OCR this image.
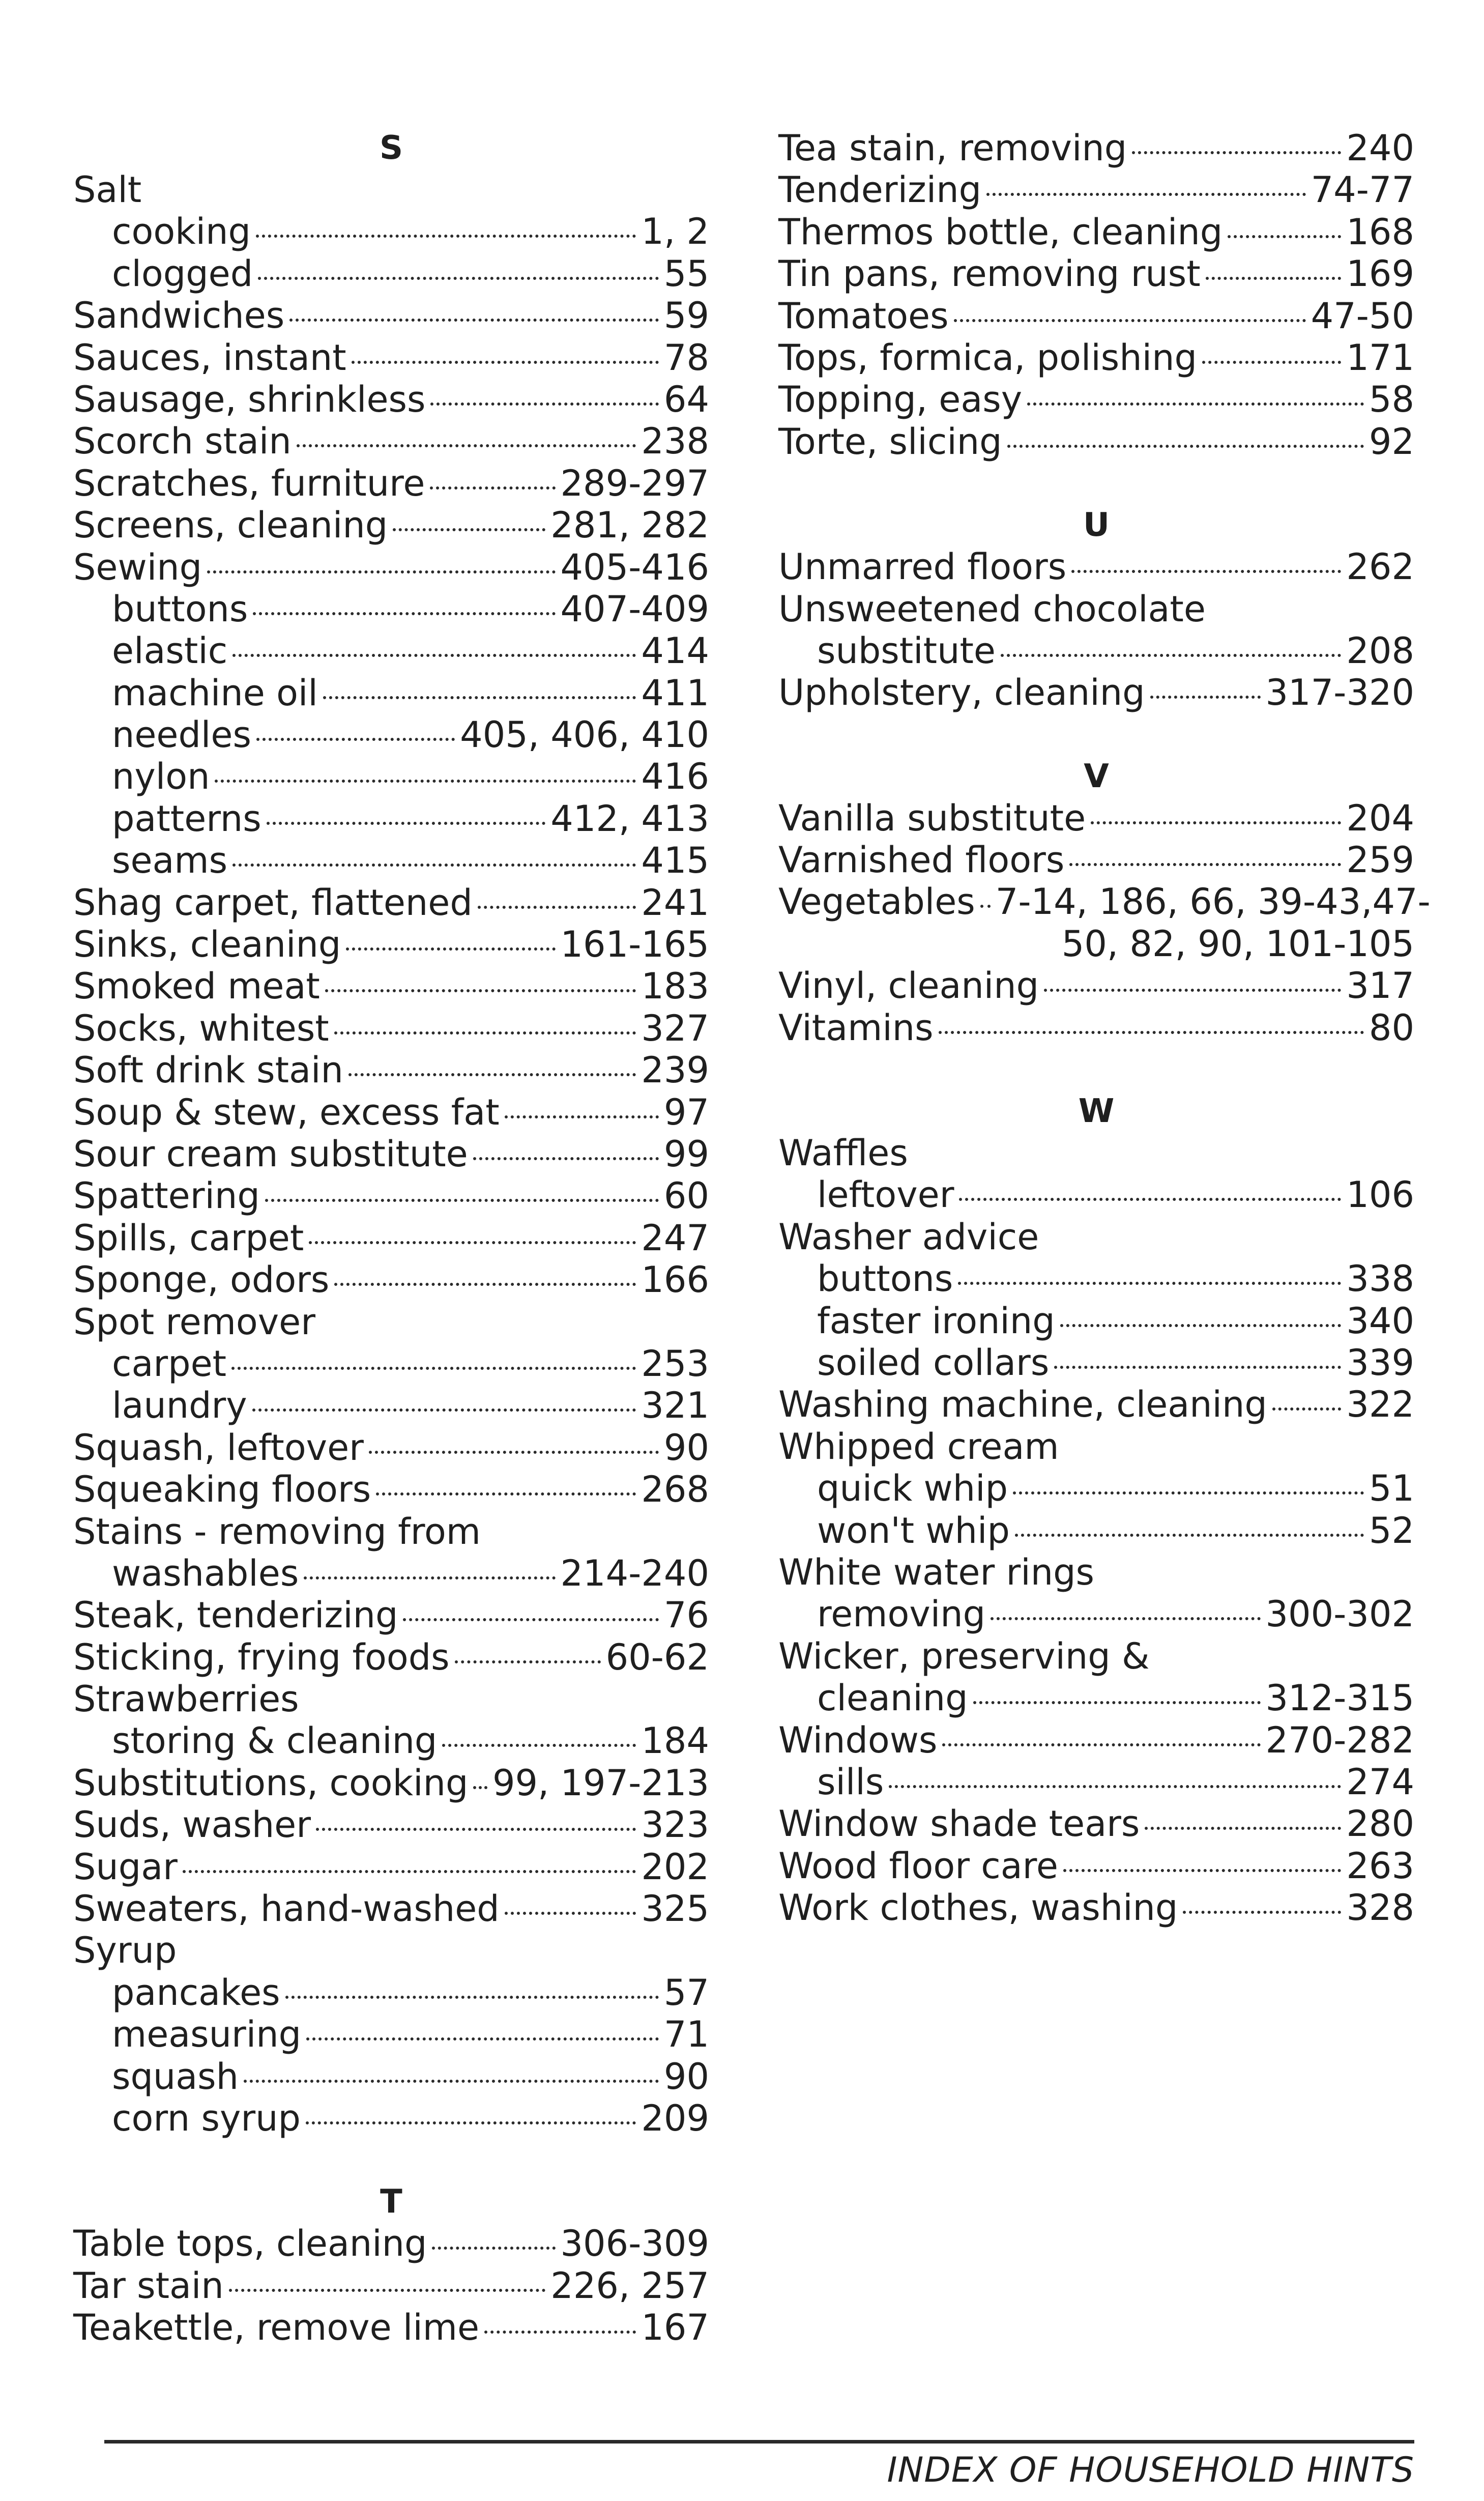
S
Salt
cooking	1, 2
clogged	55
Sandwiches	59
Sauces, instant	78
Sausage, shrinkless	64
Scorch stain	238
Scratches, furniture	289-297
Screens, cleaning	281, 282
Sewing	405-416
buttons	407-409
elastic	414
machine oil	411
needles	405, 406, 410
nylon	416
patterns	412, 413
seams	415
Shag carpet, flattened	241
Sinks, cleaning	161-165
Smoked meat	183
Socks, whitest	327
Soft drink stain	239
Soup & stew, excess fat	97
Sour cream substitute	99
Spattering	60
Spills, carpet	247
Sponge, odors	166
Spot remover
carpet	253
laundry	321
Squash, leftover	90
Squeaking floors	268
Stains - removing from
washables	214-240
Steak, tenderizing	76
Sticking, frying foods	60-62
Strawberries
storing & cleaning	184
Substitutions, cooking 99, 197-213
Suds, washer	323
Sugar	202
Sweaters, hand-washed	325
Syrup
pancakes	57
measuring	71
squash	90
corn syrup	209
T
Table tops, cleaning	306-309
Tar stain	226, 257
Teakettle, remove lime	167
Tea stain, removing	240
Tenderizing	74-77
Thermos bottle, cleaning	168
Tin pans, removing rust	169
Tomatoes	47-50
Tops, formica, polishing	171
Topping, easy	58
Torte, slicing	92
U
Unmarred floors	262
Unsweetened chocolate
substitute	208
Upholstery, cleaning	317-320
V
Vanilla substitute	204
Varnished floors	259
Vegetables 7-14, 186, 66, 39-43,47-
50, 82, 90, 101-105
Vinyl, cleaning	317
Vitamins	80
W
Waffles
leftover	106
Washer advice
buttons	338
faster ironing	340
soiled collars	339
Washing machine, cleaning 322
Whipped cream
quick whip	51
won't whip	52
White water rings
removing	300-302
Wicker, preserving &
cleaning	312-315
Windows	270-282
sills	274
Window shade tears	280
Wood floor care	263
Work clothes, washing	328
INDEX OF HOUSEHOLD HINTS
